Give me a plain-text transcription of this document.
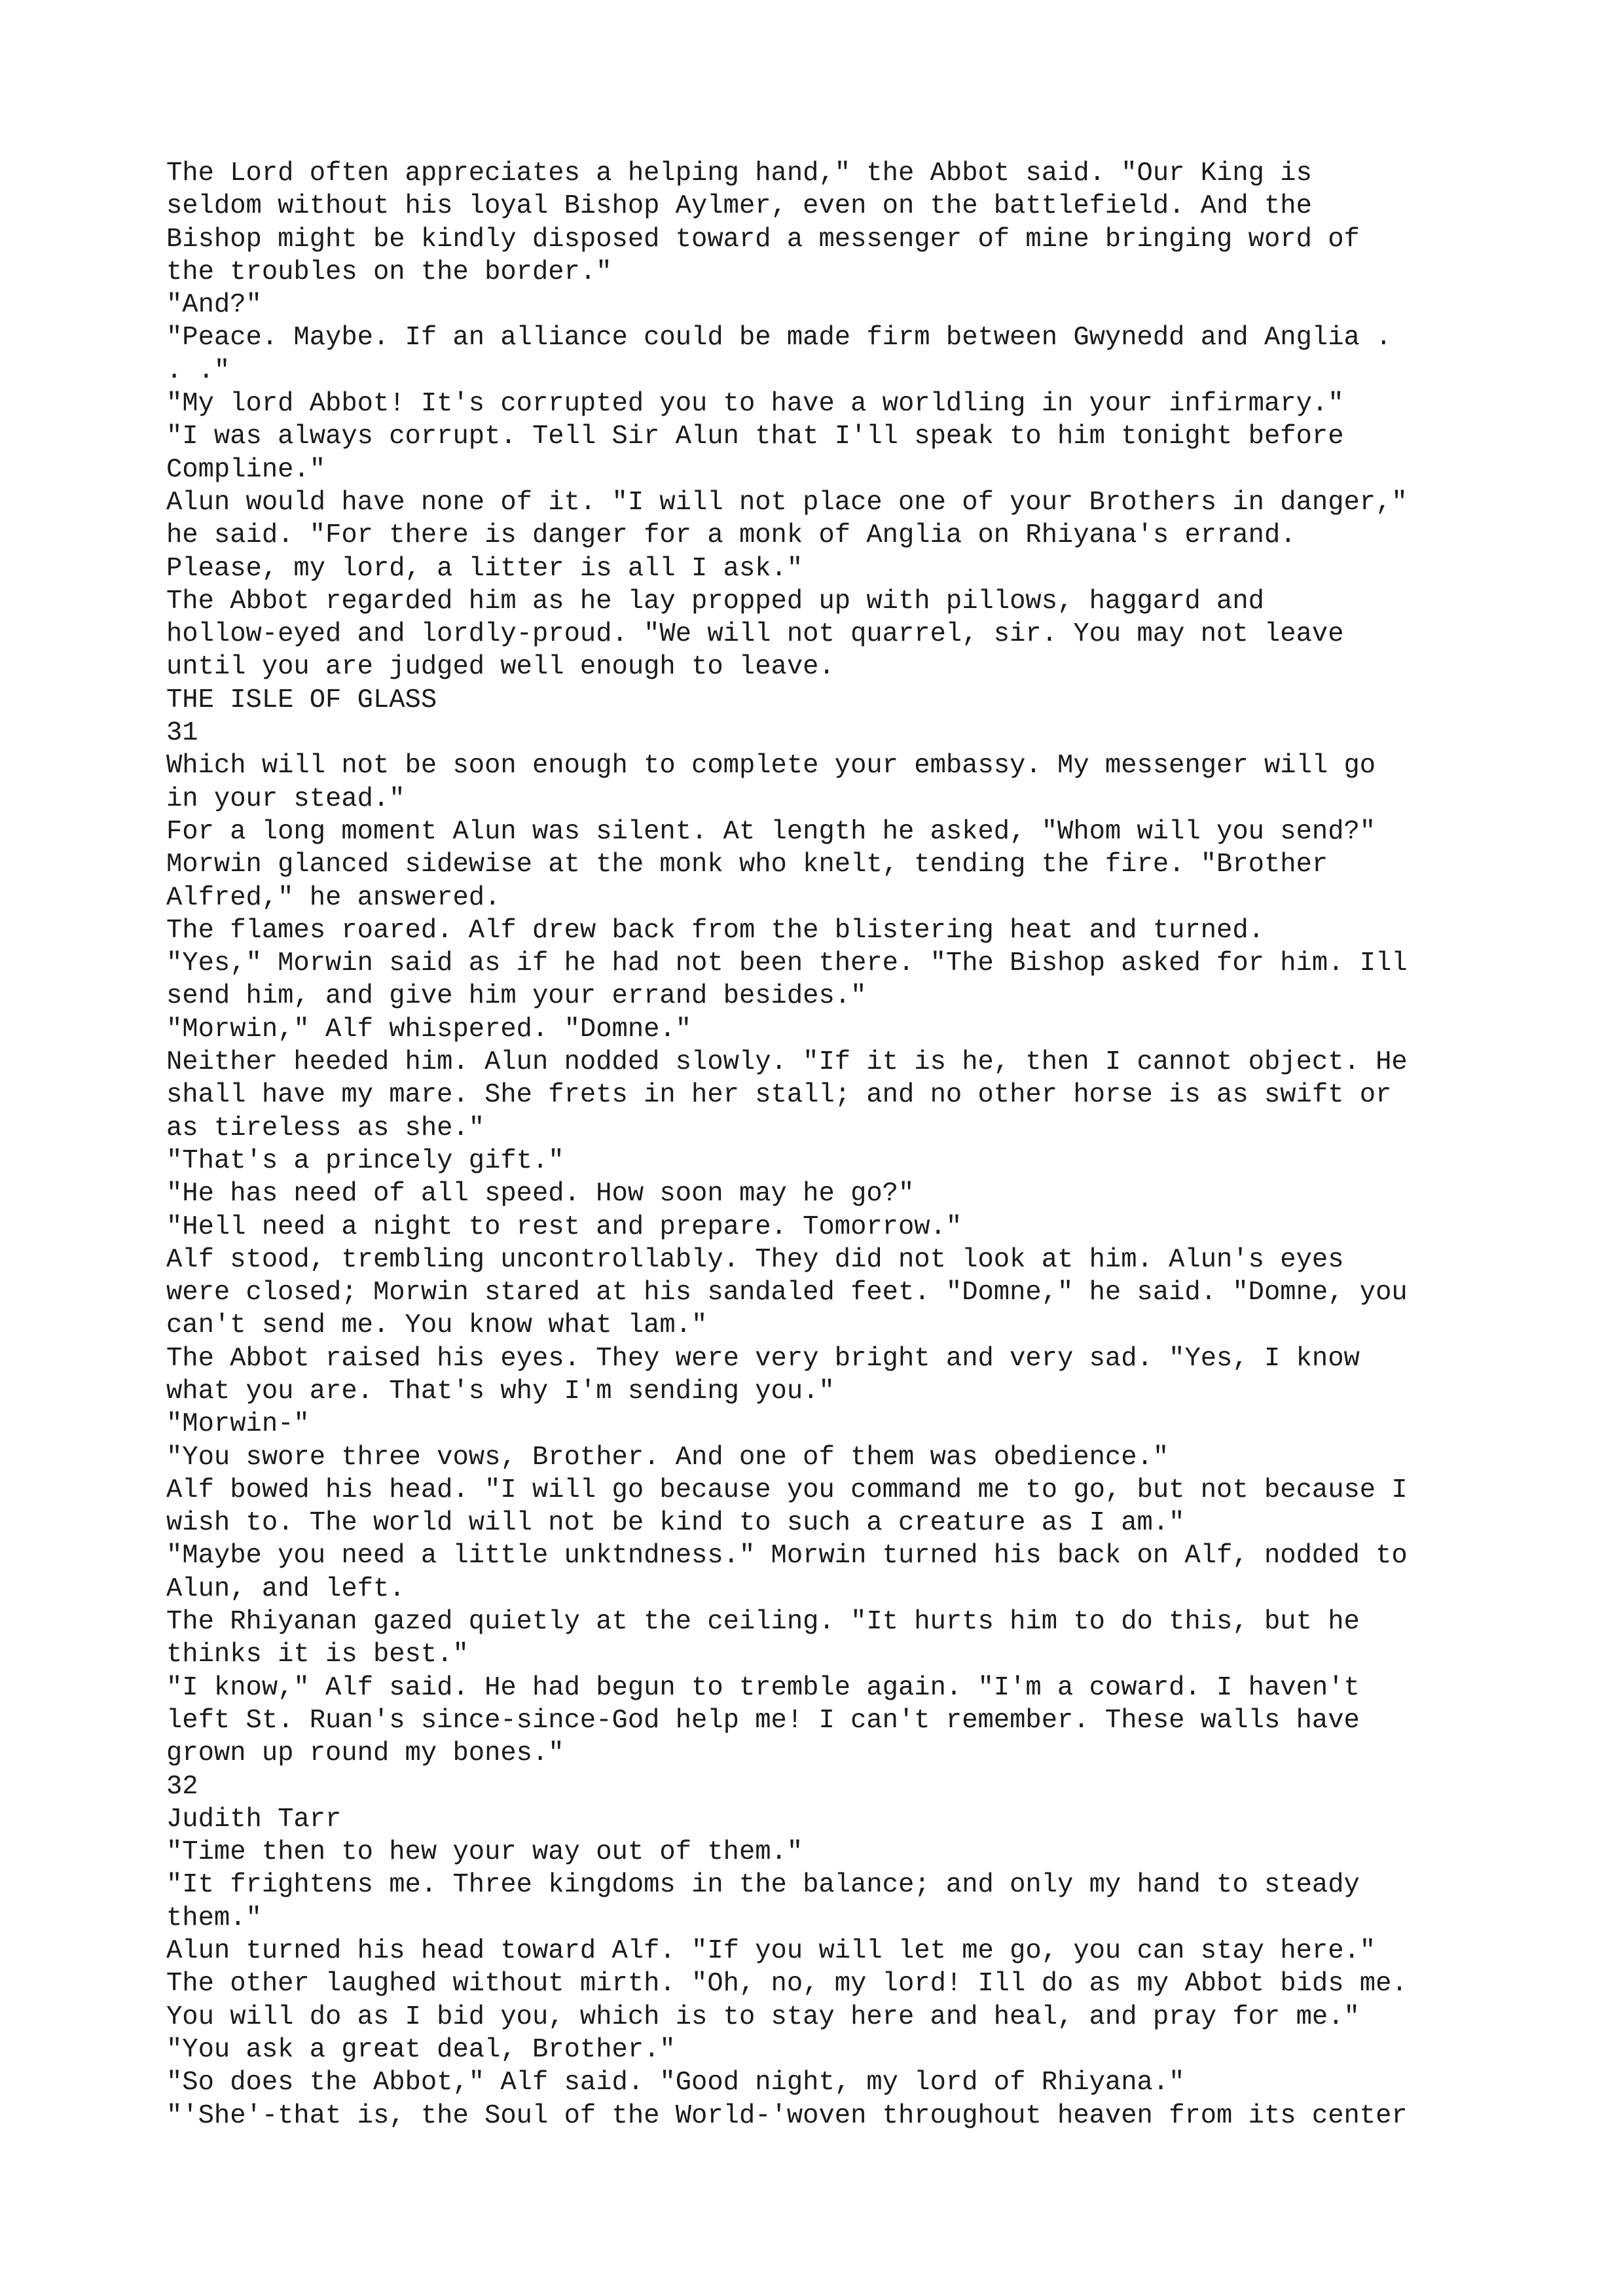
The Lord often appreciates a helping hand," the Abbot said. "Our King is
seldom without his loyal Bishop Aylmer, even on the battlefield. And the
Bishop might be kindly disposed toward a messenger of mine bringing word of
the troubles on the border."
"And?"
"Peace. Maybe. If an alliance could be made firm between Gwynedd and Anglia .
. ."
"My lord Abbot! It's corrupted you to have a worldling in your infirmary."
"I was always corrupt. Tell Sir Alun that I'll speak to him tonight before
Compline."
Alun would have none of it. "I will not place one of your Brothers in danger,"
he said. "For there is danger for a monk of Anglia on Rhiyana's errand.
Please, my lord, a litter is all I ask."
The Abbot regarded him as he lay propped up with pillows, haggard and
hollow-eyed and lordly-proud. "We will not quarrel, sir. You may not leave
until you are judged well enough to leave.
THE ISLE OF GLASS
31
Which will not be soon enough to complete your embassy. My messenger will go
in your stead."
For a long moment Alun was silent. At length he asked, "Whom will you send?"
Morwin glanced sidewise at the monk who knelt, tending the fire. "Brother
Alfred," he answered.
The flames roared. Alf drew back from the blistering heat and turned.
"Yes," Morwin said as if he had not been there. "The Bishop asked for him. Ill
send him, and give him your errand besides."
"Morwin," Alf whispered. "Domne."
Neither heeded him. Alun nodded slowly. "If it is he, then I cannot object. He
shall have my mare. She frets in her stall; and no other horse is as swift or
as tireless as she."
"That's a princely gift."
"He has need of all speed. How soon may he go?"
"Hell need a night to rest and prepare. Tomorrow."
Alf stood, trembling uncontrollably. They did not look at him. Alun's eyes
were closed; Morwin stared at his sandaled feet. "Domne," he said. "Domne, you
can't send me. You know what lam."
The Abbot raised his eyes. They were very bright and very sad. "Yes, I know
what you are. That's why I'm sending you."
"Morwin-"
"You swore three vows, Brother. And one of them was obedience."
Alf bowed his head. "I will go because you command me to go, but not because I
wish to. The world will not be kind to such a creature as I am."
"Maybe you need a little unktndness." Morwin turned his back on Alf, nodded to
Alun, and left.
The Rhiyanan gazed quietly at the ceiling. "It hurts him to do this, but he
thinks it is best."
"I know," Alf said. He had begun to tremble again. "I'm a coward. I haven't
left St. Ruan's since-since-God help me! I can't remember. These walls have
grown up round my bones."
32
Judith Tarr
"Time then to hew your way out of them."
"It frightens me. Three kingdoms in the balance; and only my hand to steady
them."
Alun turned his head toward Alf. "If you will let me go, you can stay here."
The other laughed without mirth. "Oh, no, my lord! Ill do as my Abbot bids me.
You will do as I bid you, which is to stay here and heal, and pray for me."
"You ask a great deal, Brother."
"So does the Abbot," Alf said. "Good night, my lord of Rhiyana."
"'She'-that is, the Soul of the World-'woven throughout heaven from its center
